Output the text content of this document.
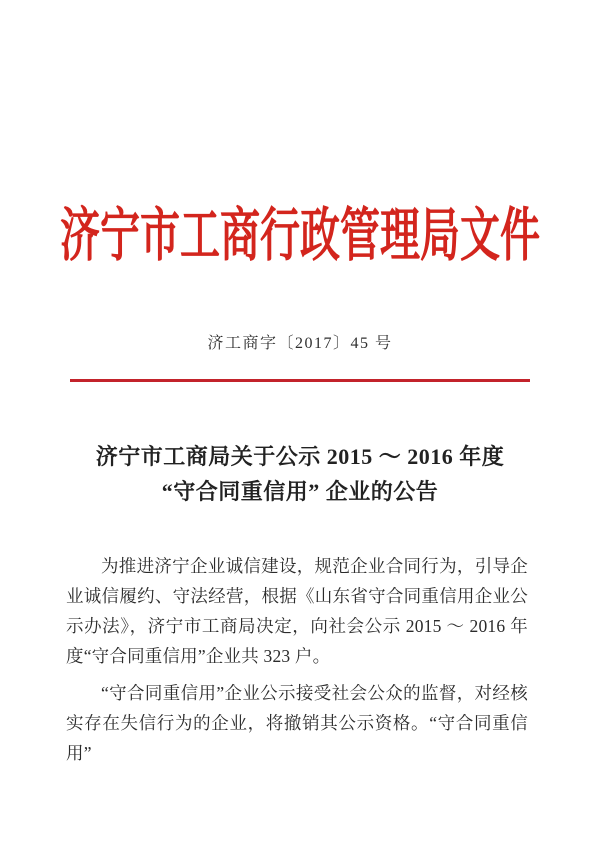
济宁市工商行政管理局文件
济工商字〔2017〕45 号
济宁市工商局关于公示 2015 ～ 2016 年度
“守合同重信用” 企业的公告

为推进济宁企业诚信建设，规范企业合同行为，引导企业诚信履约、守法经营，根据《山东省守合同重信用企业公示办法》，济宁市工商局决定，向社会公示 2015 ～ 2016 年度“守合同重信用”企业共 323 户。

“守合同重信用”企业公示接受社会公众的监督，对经核实存在失信行为的企业，将撤销其公示资格。“守合同重信用”
